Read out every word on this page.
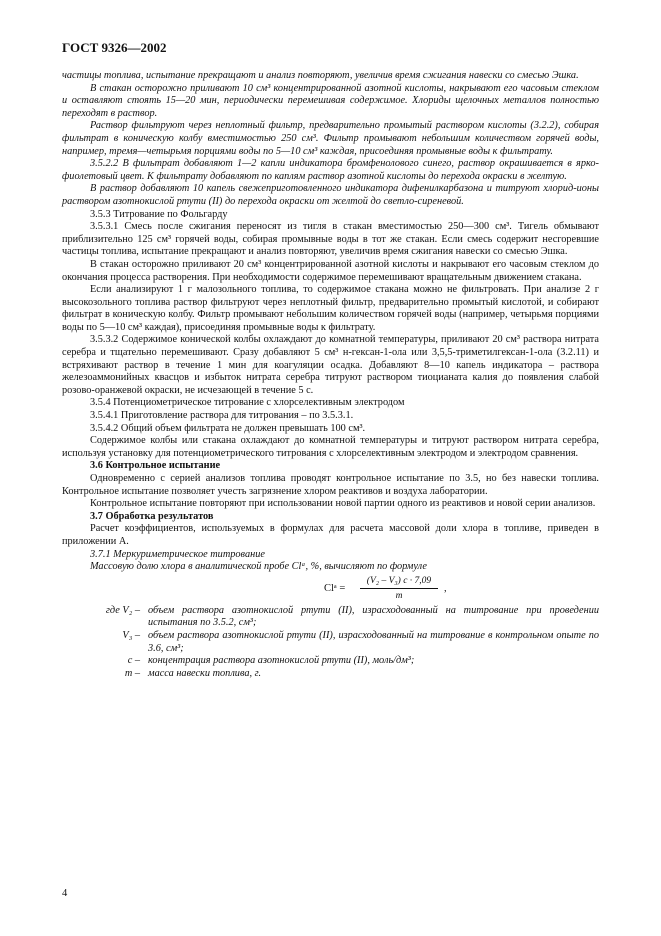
ГОСТ 9326—2002

частицы топлива, испытание прекращают и анализ повторяют, увеличив время сжигания навески со смесью Эшка.

В стакан осторожно приливают 10 см³ концентрированной азотной кислоты, накрывают его часовым стеклом и оставляют стоять 15—20 мин, периодически перемешивая содержимое. Хлориды щелочных металлов полностью переходят в раствор.

Раствор фильтруют через неплотный фильтр, предварительно промытый раствором кислоты (3.2.2), собирая фильтрат в коническую колбу вместимостью 250 см³. Фильтр промывают небольшим количеством горячей воды, например, тремя—четырьмя порциями воды по 5—10 см³ каждая, присоединяя промывные воды к фильтрату.

3.5.2.2 В фильтрат добавляют 1—2 капли индикатора бромфенолового синего, раствор окрашивается в ярко-фиолетовый цвет. К фильтрату добавляют по каплям раствор азотной кислоты до перехода окраски в желтую.

В раствор добавляют 10 капель свежеприготовленного индикатора дифенилкарбазона и титруют хлорид-ионы раствором азотнокислой ртути (II) до перехода окраски от желтой до светло-сиреневой.

3.5.3 Титрование по Фольгарду

3.5.3.1 Смесь после сжигания переносят из тигля в стакан вместимостью 250—300 см³. Тигель обмывают приблизительно 125 см³ горячей воды, собирая промывные воды в тот же стакан. Если смесь содержит несгоревшие частицы топлива, испытание прекращают и анализ повторяют, увеличив время сжигания навески со смесью Эшка.

В стакан осторожно приливают 20 см³ концентрированной азотной кислоты и накрывают его часовым стеклом до окончания процесса растворения. При необходимости содержимое перемешивают вращательным движением стакана.

Если анализируют 1 г малозольного топлива, то содержимое стакана можно не фильтровать. При анализе 2 г высокозольного топлива раствор фильтруют через неплотный фильтр, предварительно промытый кислотой, и собирают фильтрат в коническую колбу. Фильтр промывают небольшим количеством горячей воды (например, четырьмя порциями воды по 5—10 см³ каждая), присоединяя промывные воды к фильтрату.

3.5.3.2 Содержимое конической колбы охлаждают до комнатной температуры, приливают 20 см³ раствора нитрата серебра и тщательно перемешивают. Сразу добавляют 5 см³ н-гексан-1-ола или 3,5,5-триметилгексан-1-ола (3.2.11) и встряхивают раствор в течение 1 мин для коагуляции осадка. Добавляют 8—10 капель индикатора – раствора железоаммонийных квасцов и избыток нитрата серебра титруют раствором тиоцианата калия до появления слабой розово-оранжевой окраски, не исчезающей в течение 5 с.

3.5.4 Потенциометрическое титрование с хлорселективным электродом

3.5.4.1 Приготовление раствора для титрования – по 3.5.3.1.

3.5.4.2 Общий объем фильтрата не должен превышать 100 см³.

Содержимое колбы или стакана охлаждают до комнатной температуры и титруют раствором нитрата серебра, используя установку для потенциометрического титрования с хлорселективным электродом и электродом сравнения.

3.6 Контрольное испытание

Одновременно с серией анализов топлива проводят контрольное испытание по 3.5, но без навески топлива. Контрольное испытание позволяет учесть загрязнение хлором реактивов и воздуха лаборатории.

Контрольное испытание повторяют при использовании новой партии одного из реактивов и новой серии анализов.

3.7 Обработка результатов

Расчет коэффициентов, используемых в формулах для расчета массовой доли хлора в топливе, приведен в приложении А.

3.7.1 Меркуриметрическое титрование

Массовую долю хлора в аналитической пробе Clᵃ, %, вычисляют по формуле

Clᵃ = $\frac{\text{(V₂ – V₃) c · 7,09}}{m}$ ,
где V₂ – объем раствора азотнокислой ртути (II), израсходованный на титрование при проведении испытания по 3.5.2, см³;
V₃ – объем раствора азотнокислой ртути (II), израсходованный на титрование в контрольном опыте по 3.6, см³;
c – концентрация раствора азотнокислой ртути (II), моль/дм³;
m – масса навески топлива, г.
4
